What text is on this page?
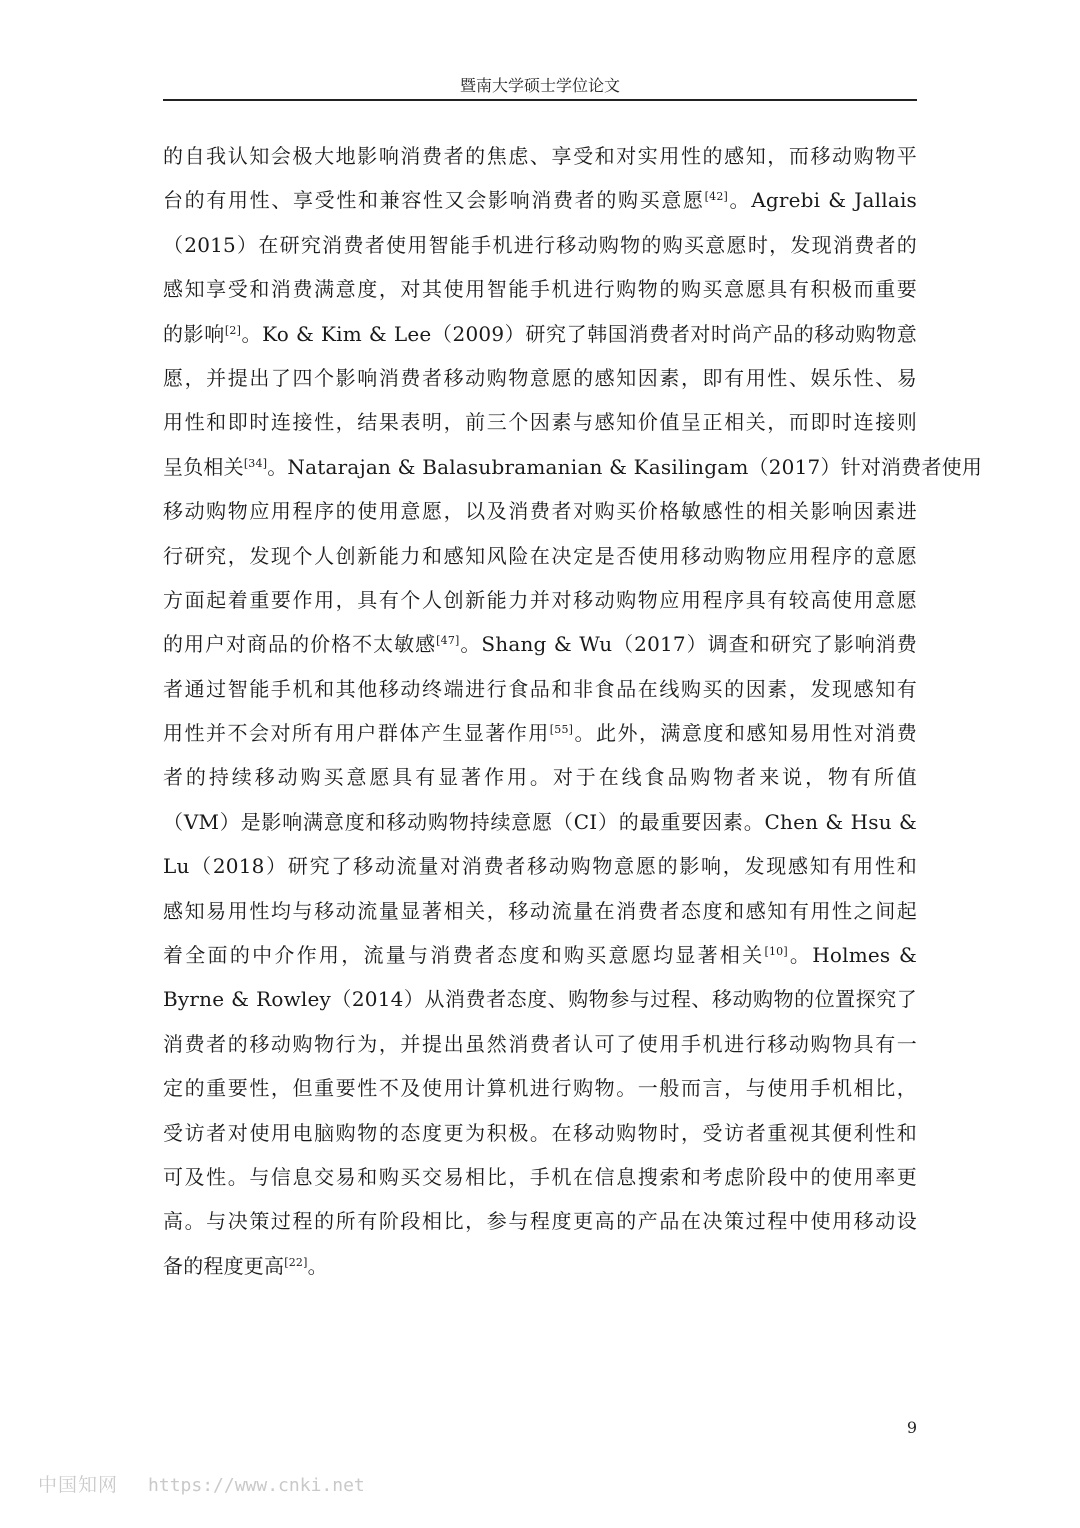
暨南大学硕士学位论文
的自我认知会极大地影响消费者的焦虑、享受和对实用性的感知，而移动购物平
台的有用性、享受性和兼容性又会影响消费者的购买意愿[42]。Agrebi & Jallais
（2015）在研究消费者使用智能手机进行移动购物的购买意愿时，发现消费者的
感知享受和消费满意度，对其使用智能手机进行购物的购买意愿具有积极而重要
的影响[2]。Ko & Kim & Lee（2009）研究了韩国消费者对时尚产品的移动购物意
愿，并提出了四个影响消费者移动购物意愿的感知因素，即有用性、娱乐性、易
用性和即时连接性，结果表明，前三个因素与感知价值呈正相关，而即时连接则
呈负相关[34]。Natarajan & Balasubramanian & Kasilingam（2017）针对消费者使用
移动购物应用程序的使用意愿，以及消费者对购买价格敏感性的相关影响因素进
行研究，发现个人创新能力和感知风险在决定是否使用移动购物应用程序的意愿
方面起着重要作用，具有个人创新能力并对移动购物应用程序具有较高使用意愿
的用户对商品的价格不太敏感[47]。Shang & Wu（2017）调查和研究了影响消费
者通过智能手机和其他移动终端进行食品和非食品在线购买的因素，发现感知有
用性并不会对所有用户群体产生显著作用[55]。此外，满意度和感知易用性对消费
者的持续移动购买意愿具有显著作用。对于在线食品购物者来说，物有所值
（VM）是影响满意度和移动购物持续意愿（CI）的最重要因素。Chen & Hsu &
Lu（2018）研究了移动流量对消费者移动购物意愿的影响，发现感知有用性和
感知易用性均与移动流量显著相关，移动流量在消费者态度和感知有用性之间起
着全面的中介作用，流量与消费者态度和购买意愿均显著相关[10]。Holmes &
Byrne & Rowley（2014）从消费者态度、购物参与过程、移动购物的位置探究了
消费者的移动购物行为，并提出虽然消费者认可了使用手机进行移动购物具有一
定的重要性，但重要性不及使用计算机进行购物。一般而言，与使用手机相比，
受访者对使用电脑购物的态度更为积极。在移动购物时，受访者重视其便利性和
可及性。与信息交易和购买交易相比，手机在信息搜索和考虑阶段中的使用率更
高。与决策过程的所有阶段相比，参与程度更高的产品在决策过程中使用移动设
备的程度更高[22]。
9
中国知网 https://www.cnki.net
